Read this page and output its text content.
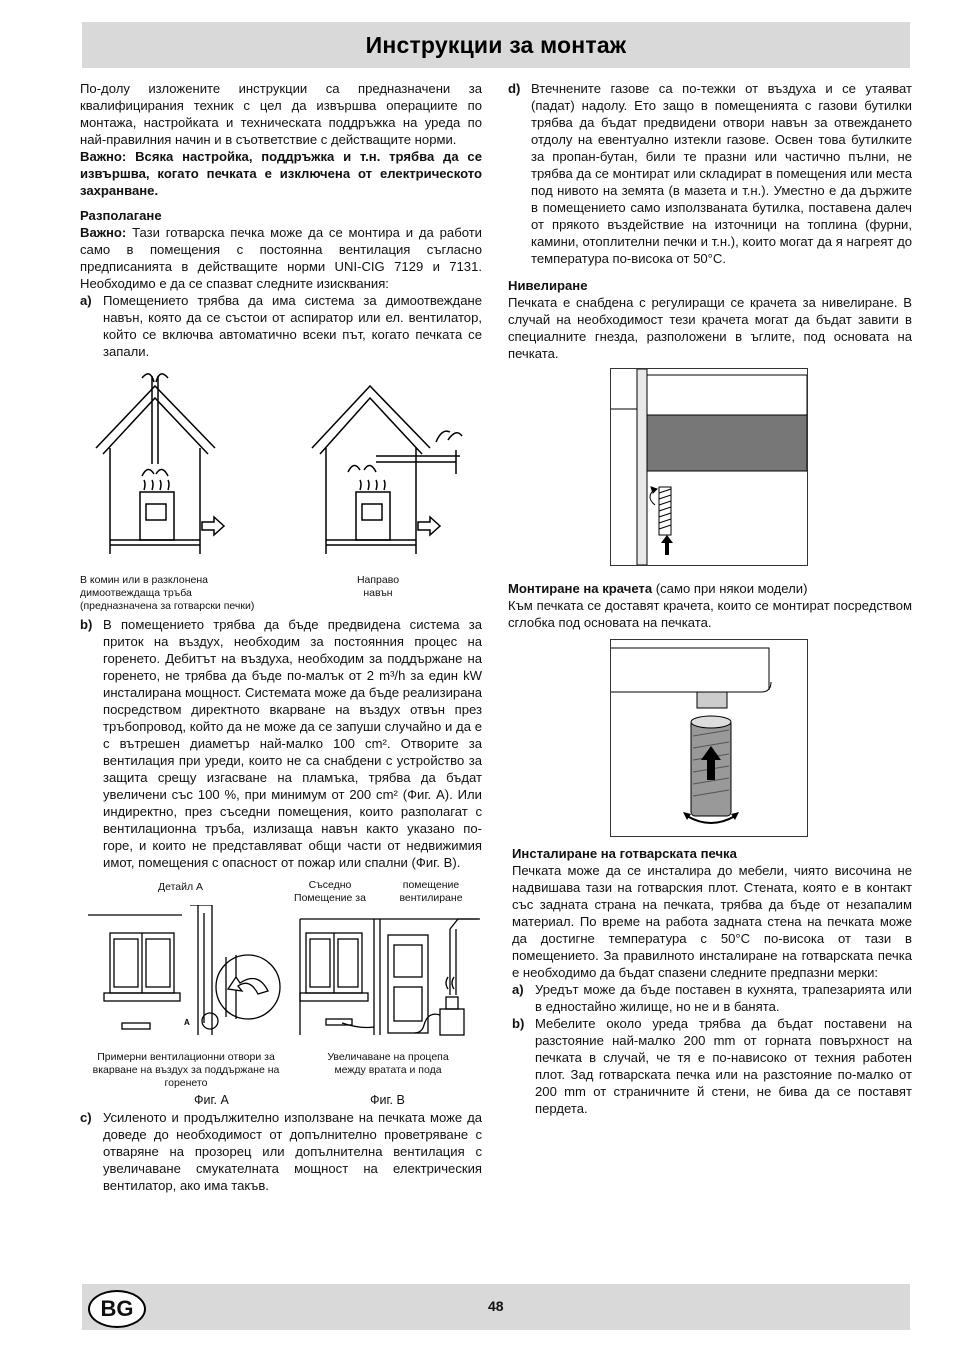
Инструкции за монтаж

По-долу изложените инструкции са предназначени за квалифицирания техник с цел да извършва операциите по монтажа, настройката и техническата поддръжка на уреда по най-правилния начин и в съответствие с действащите норми.

Важно: Всяка настройка, поддръжка и т.н. трябва да се извършва, когато печката е изключена от електрическото захранване.

Разполагане

Важно: Тази готварска печка може да се монтира и да работи само в помещения с постоянна вентилация съгласно предписанията в действащите норми UNI-CIG 7129 и 7131. Необходимо е да се спазват следните изисквания:

a) Помещението трябва да има система за димоотвеждане навън, която да се състои от аспиратор или ел. вентилатор, който се включва автоматично всеки път, когато печката се запали.
В комин или в разклонена
димоотвеждаща тръба
(предназначена за готварски печки)
Направо
навън
b) В помещението трябва да бъде предвидена система за приток на въздух, необходим за постоянния процес на горенето. Дебитът на въздуха, необходим за поддържане на горенето, не трябва да бъде по-малък от 2 m³/h за един kW инсталирана мощност. Системата може да бъде реализирана посредством директното вкарване на въздух отвън през тръбопровод, който да не може да се запуши случайно и да е с вътрешен диаметър най-малко 100 cm². Отворите за вентилация при уреди, които не са снабдени с устройство за защита срещу изгасване на пламъка, трябва да бъдат увеличени със 100 %, при минимум от 200 cm² (Фиг. A). Или индиректно, през съседни помещения, които разполагат с вентилационна тръба, излизаща навън както указано по-горе, и които не представляват общи части от недвижимия имот, помещения с опасност от пожар или спални (Фиг. B).
Детайл A	Съседно
Помещение за
помещение
вентилиране
A
Примерни вентилационни отвори за
вкарване на въздух за поддържане на
горенето
Увеличаване на процепа
между вратата и пода
Фиг. A	Фиг. B
c) Усиленото и продължително използване на печката може да доведе до необходимост от допълнително проветряване с отваряне на прозорец или допълнителна вентилация с увеличаване смукателната мощност на електрическия вентилатор, ако има такъв.
d) Втечнените газове са по-тежки от въздуха и се утаяват (падат) надолу. Ето защо в помещенията с газови бутилки трябва да бъдат предвидени отвори навън за отвеждането отдолу на евентуално изтекли газове. Освен това бутилките за пропан-бутан, били те празни или частично пълни, не трябва да се монтират или складират в помещения или места под нивото на земята (в мазета и т.н.). Уместно е да държите в помещението само използваната бутилка, поставена далеч от прякото въздействие на източници на топлина (фурни, камини, отоплителни печки и т.н.), които могат да я нагреят до температура по-висока от 50°C.

Нивелиране

Печката е снабдена с регулиращи се крачета за нивелиране. В случай на необходимост тези крачета могат да бъдат завити в специалните гнезда, разположени в ъглите, под основата на печката.

Монтиране на крачета (само при някои модели)

Към печката се доставят крачета, които се монтират посредством сглобка под основата на печката.

Инсталиране на готварската печка

Печката може да се инсталира до мебели, чиято височина не надвишава тази на готварския плот. Стената, която е в контакт със задната страна на печката, трябва да бъде от незапалим материал. По време на работа задната стена на печката може да достигне температура с 50°C по-висока от тази в помещението. За правилното инсталиране на готварската печка е необходимо да бъдат спазени следните предпазни мерки:

a) Уредът може да бъде поставен в кухнята, трапезарията или в едностайно жилище, но не и в банята.
b) Мебелите около уреда трябва да бъдат поставени на разстояние най-малко 200 mm от горната повърхност на печката в случай, че тя е по-нависоко от техния работен плот. Зад готварската печка или на разстояние по-малко от 200 mm от страничните й стени, не бива да се поставят пердета.
BG	48
